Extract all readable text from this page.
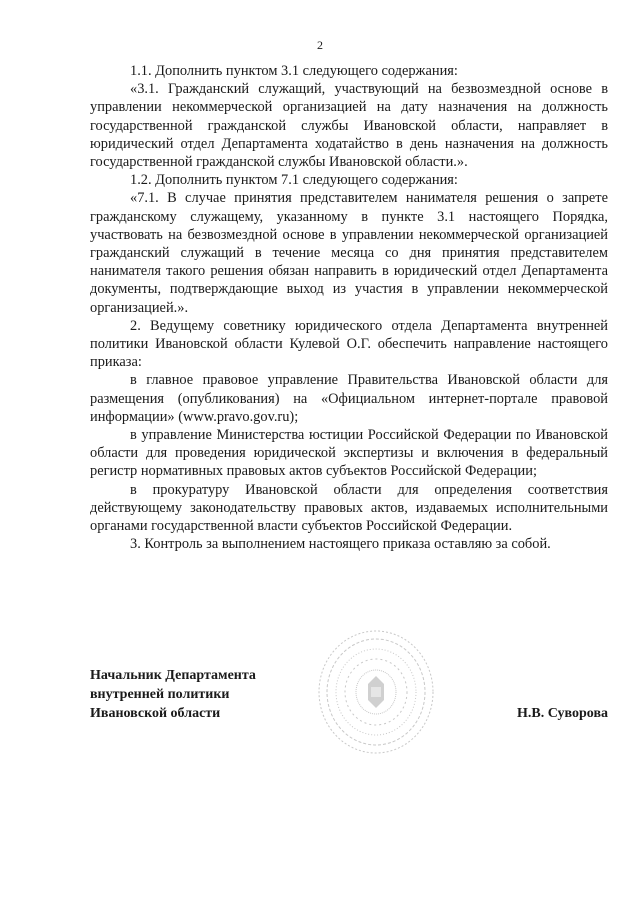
2

1.1. Дополнить пунктом 3.1 следующего содержания:

«3.1. Гражданский служащий, участвующий на безвозмездной основе в управлении некоммерческой организацией на дату назначения на должность государственной гражданской службы Ивановской области, направляет в юридический отдел Департамента ходатайство в день назначения на должность государственной гражданской службы Ивановской области.».

1.2. Дополнить пунктом 7.1 следующего содержания:

«7.1. В случае принятия представителем нанимателя решения о запрете гражданскому служащему, указанному в пункте 3.1 настоящего Порядка, участвовать на безвозмездной основе в управлении некоммерческой организацией гражданский служащий в течение месяца со дня принятия представителем нанимателя такого решения обязан направить в юридический отдел Департамента документы, подтверждающие выход из участия в управлении некоммерческой организацией.».

2. Ведущему советнику юридического отдела Департамента внутренней политики Ивановской области Кулевой О.Г. обеспечить направление настоящего приказа:

в главное правовое управление Правительства Ивановской области для размещения (опубликования) на «Официальном интернет-портале правовой информации» (www.pravo.gov.ru);

в управление Министерства юстиции Российской Федерации по Ивановской области для проведения юридической экспертизы и включения в федеральный регистр нормативных правовых актов субъектов Российской Федерации;

в прокуратуру Ивановской области для определения соответствия действующему законодательству правовых актов, издаваемых исполнительными органами государственной власти субъектов Российской Федерации.

3. Контроль за выполнением настоящего приказа оставляю за собой.

Начальник Департамента
внутренней политики
Ивановской области	Н.В. Суворова
